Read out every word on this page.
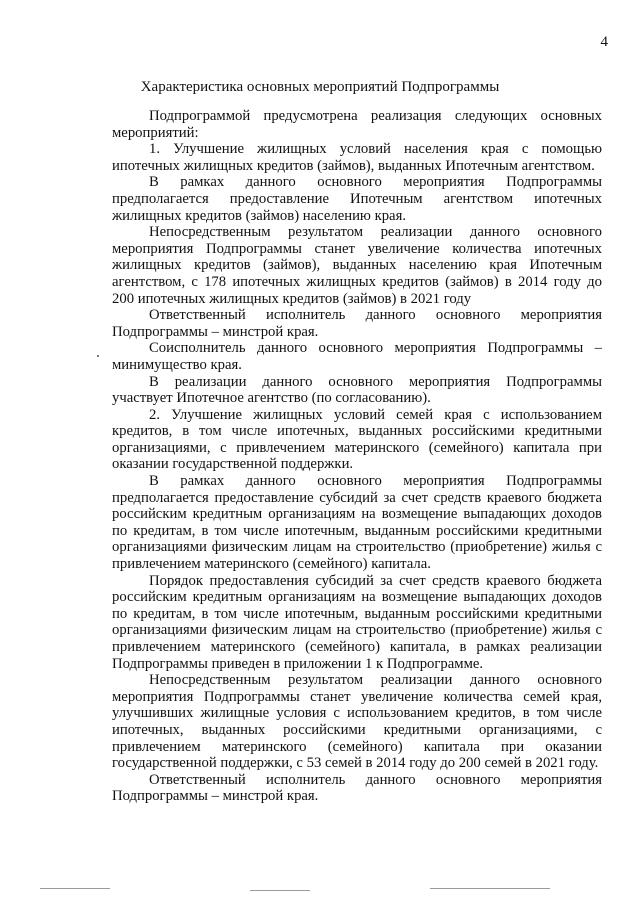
4
Характеристика основных мероприятий Подпрограммы

Подпрограммой предусмотрена реализация следующих основных мероприятий:

1. Улучшение жилищных условий населения края с помощью ипотечных жилищных кредитов (займов), выданных Ипотечным агентством.

В рамках данного основного мероприятия Подпрограммы предполагается предоставление Ипотечным агентством ипотечных жилищных кредитов (займов) населению края.

Непосредственным результатом реализации данного основного мероприятия Подпрограммы станет увеличение количества ипотечных жилищных кредитов (займов), выданных населению края Ипотечным агентством, с 178 ипотечных жилищных кредитов (займов) в 2014 году до 200 ипотечных жилищных кредитов (займов) в 2021 году

Ответственный исполнитель данного основного мероприятия Подпрограммы – минстрой края.

Соисполнитель данного основного мероприятия Подпрограммы – минимущество края.

В реализации данного основного мероприятия Подпрограммы участвует Ипотечное агентство (по согласованию).

2. Улучшение жилищных условий семей края с использованием кредитов, в том числе ипотечных, выданных российскими кредитными организациями, с привлечением материнского (семейного) капитала при оказании государственной поддержки.

В рамках данного основного мероприятия Подпрограммы предполагается предоставление субсидий за счет средств краевого бюджета российским кредитным организациям на возмещение выпадающих доходов по кредитам, в том числе ипотечным, выданным российскими кредитными организациями физическим лицам на строительство (приобретение) жилья с привлечением материнского (семейного) капитала.

Порядок предоставления субсидий за счет средств краевого бюджета российским кредитным организациям на возмещение выпадающих доходов по кредитам, в том числе ипотечным, выданным российскими кредитными организациями физическим лицам на строительство (приобретение) жилья с привлечением материнского (семейного) капитала, в рамках реализации Подпрограммы приведен в приложении 1 к Подпрограмме.

Непосредственным результатом реализации данного основного мероприятия Подпрограммы станет увеличение количества семей края, улучшивших жилищные условия с использованием кредитов, в том числе ипотечных, выданных российскими кредитными организациями, с привлечением материнского (семейного) капитала при оказании государственной поддержки, с 53 семей в 2014 году до 200 семей в 2021 году.

Ответственный исполнитель данного основного мероприятия Подпрограммы – минстрой края.
